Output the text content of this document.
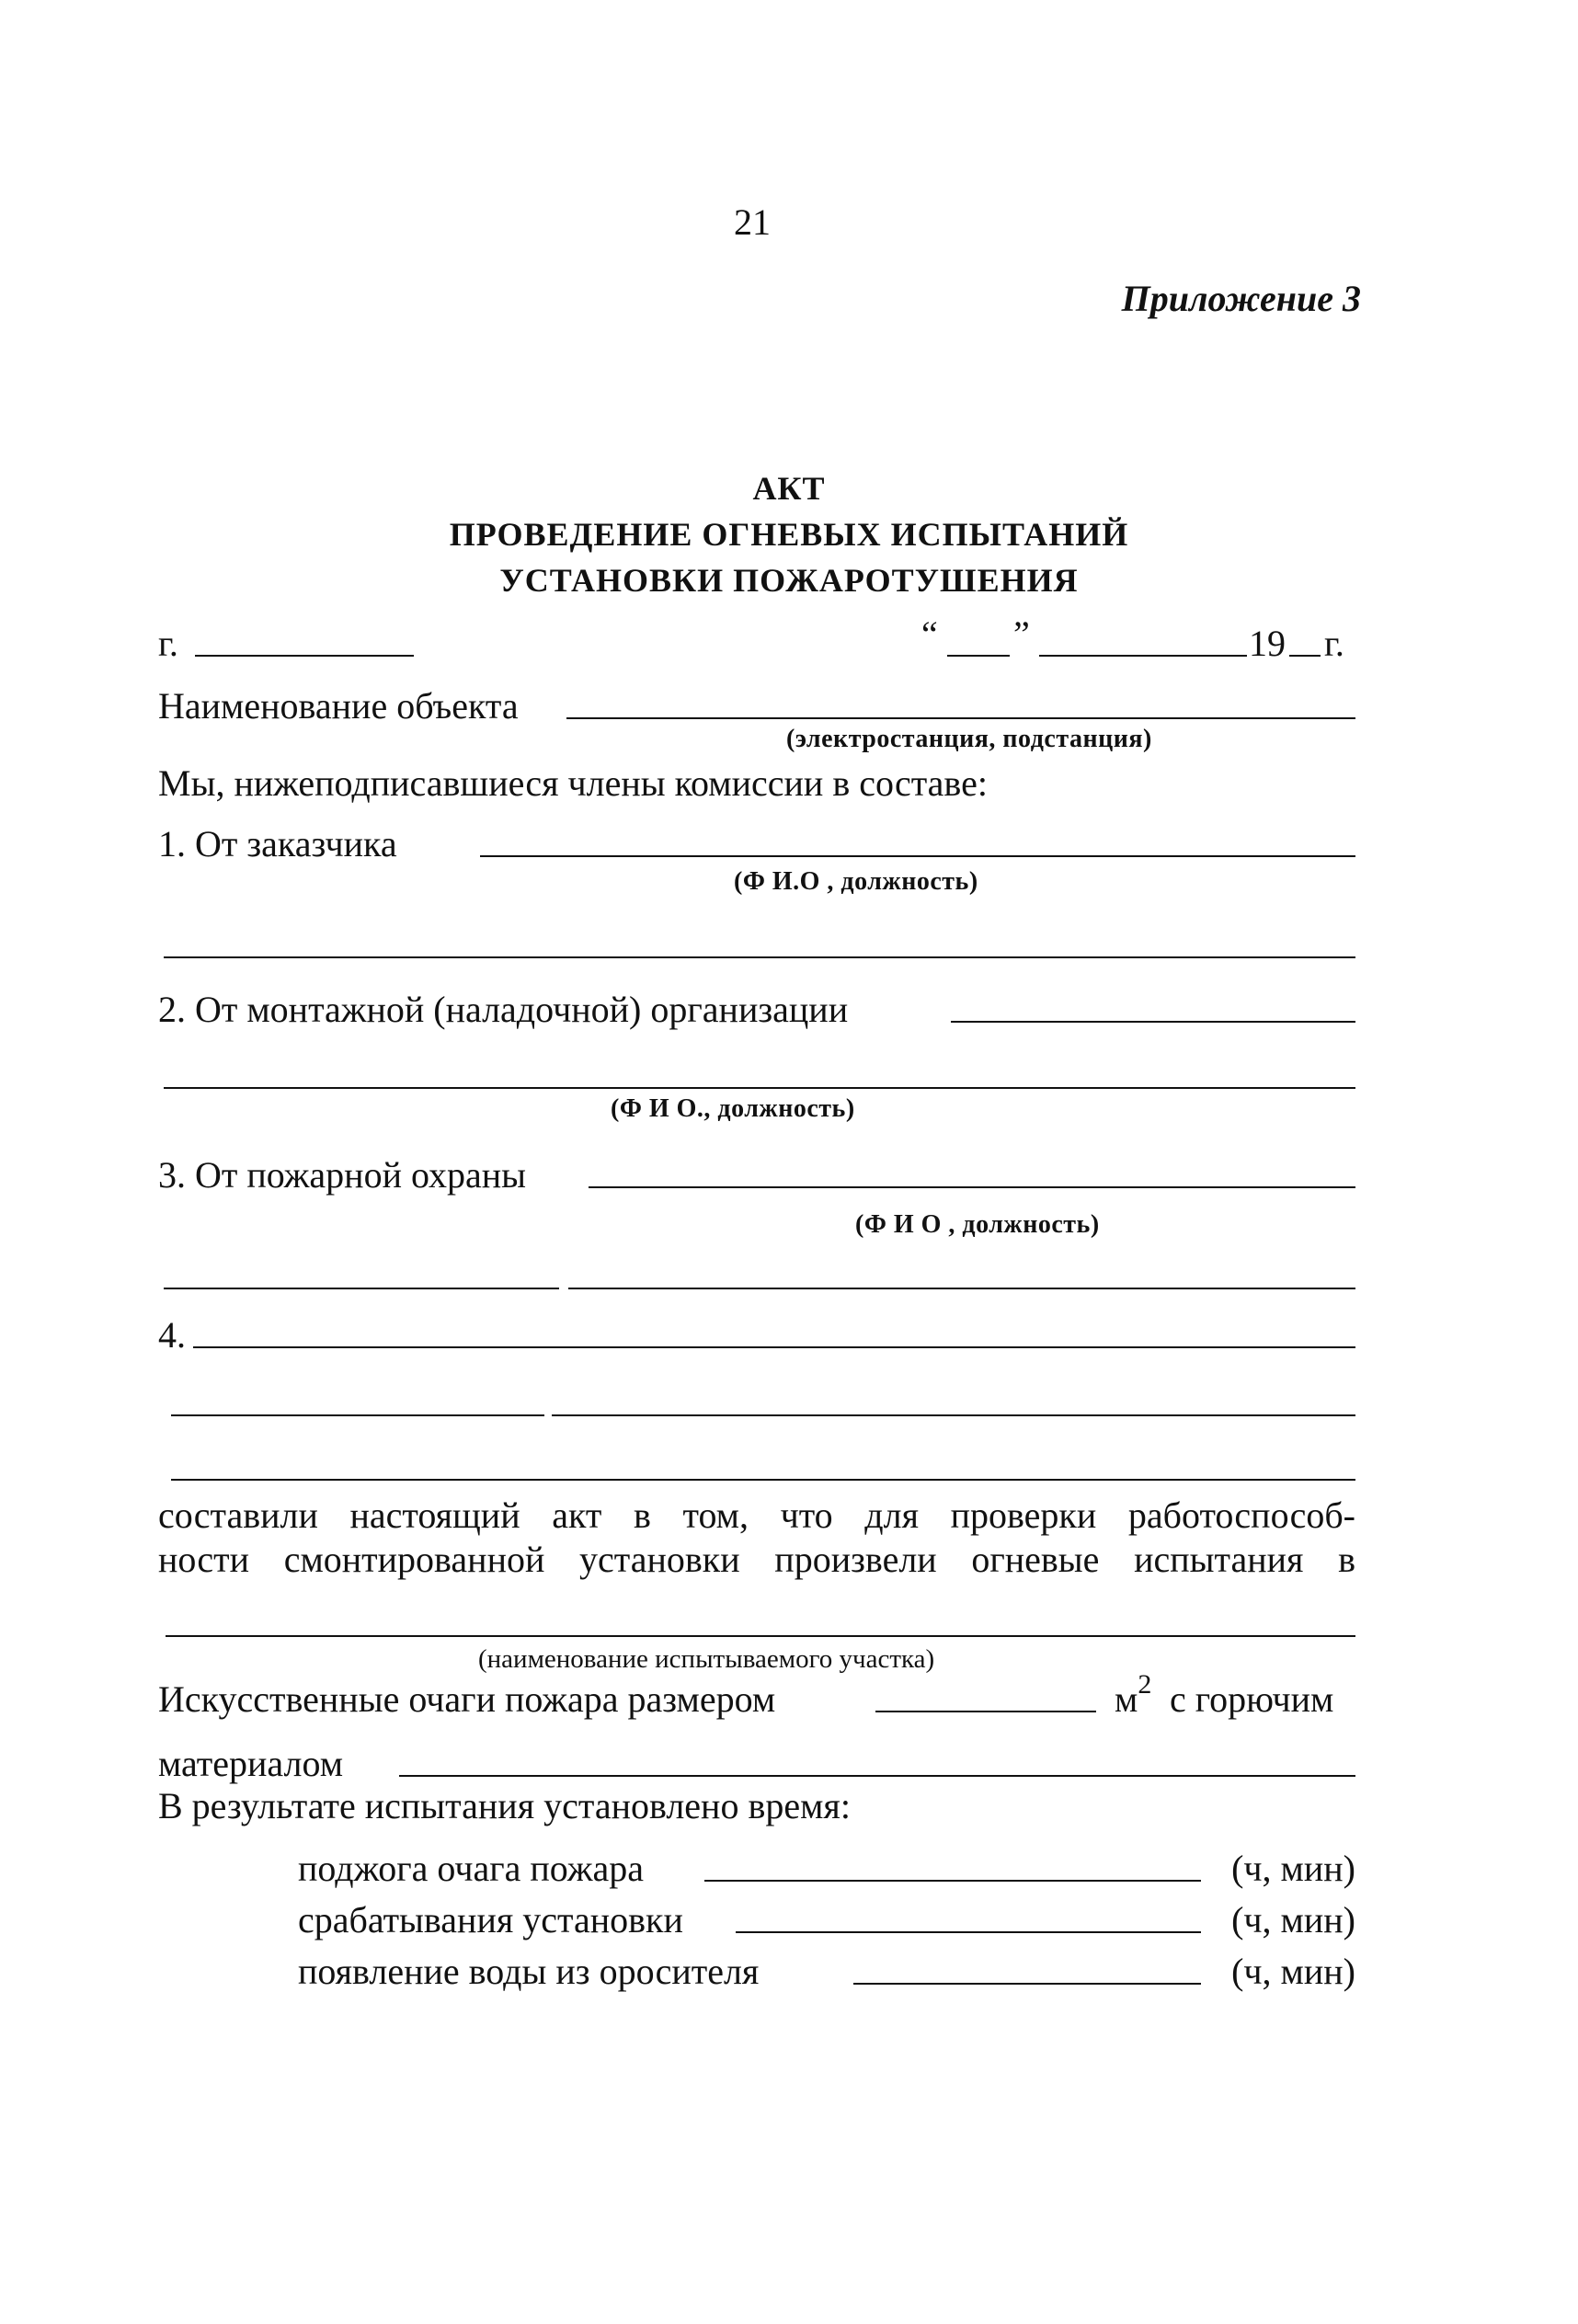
21
Приложение 3
АКТ
ПРОВЕДЕНИЕ ОГНЕВЫХ ИСПЫТАНИЙ
УСТАНОВКИ ПОЖАРОТУШЕНИЯ
г.	“ ”	19 г.
Наименование объекта
(электростанция, подстанция)
Мы, нижеподписавшиеся члены комиссии в составе:
1. От заказчика
(Ф И.О , должность)
2. От монтажной (наладочной) организации
(Ф И О., должность)
3. От пожарной охраны
(Ф И О , должность)
4.
составили настоящий акт в том, что для проверки работоспособ-
ности смонтированной установки произвели огневые испытания в
(наименование испытываемого участка)
Искусственные очаги пожара размером	$м^2$ с горючим
материалом
В результате испытания установлено время:
поджога очага пожара	(ч, мин)
срабатывания установки	(ч, мин)
появление воды из оросителя	(ч, мин)
